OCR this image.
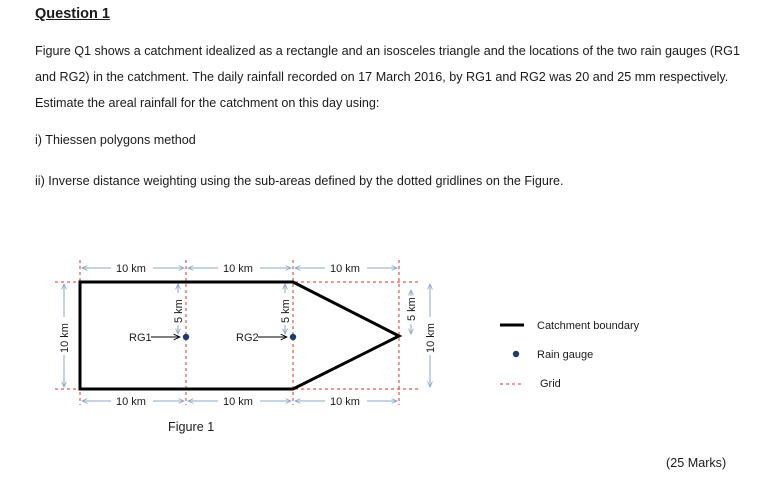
Question 1
Figure Q1 shows a catchment idealized as a rectangle and an isosceles triangle and the locations of the two rain gauges (RG1 and RG2) in the catchment. The daily rainfall recorded on 17 March 2016, by RG1 and RG2 was 20 and 25 mm respectively. Estimate the areal rainfall for the catchment on this day using:
i) Thiessen polygons method
ii) Inverse distance weighting using the sub-areas defined by the dotted gridlines on the Figure.
10 km	10 km	10 km
10 km	10 km	10 km
10 km	10 km
5 km	5 km	5 km
RG1	RG2
Catchment boundary
Rain gauge
Grid
Figure 1
(25 Marks)
